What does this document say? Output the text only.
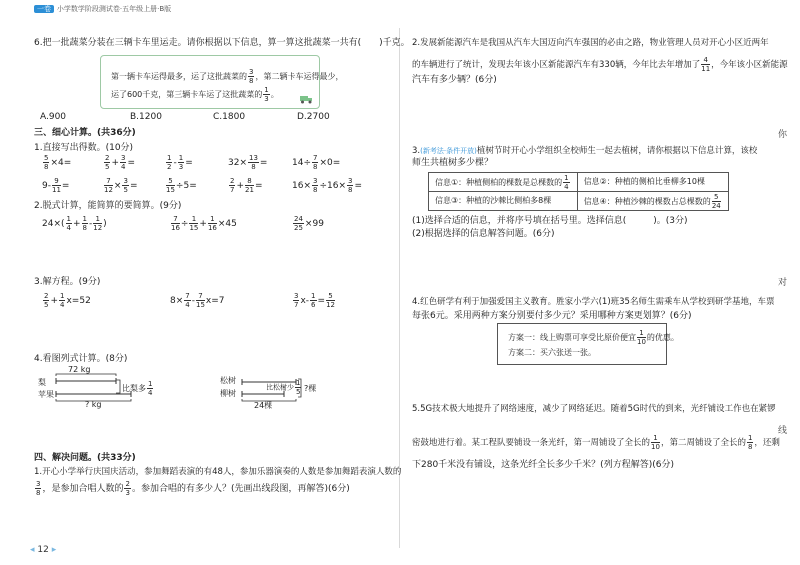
一卷 小学数学阶段测试卷·五年级上册·B版
6.把一批蔬菜分装在三辆卡车里运走。请你根据以下信息，算一算这批蔬菜一共有(　　)千克。
第一辆卡车运得最多，运了这批蔬菜的 $\frac{3}{8}$ ，第二辆卡车运得最少，
运了600千克，第三辆卡车运了这批蔬菜的 $\frac{1}{3}$ 。
A.900	B.1200	C.1800	D.2700
三、细心计算。(共36分)
1.直接写出得数。(10分)
$\frac{5}{8} \times 4=$	$\frac{2}{5} + \frac{3}{4}$ =	$\frac{1}{2} - \frac{1}{3}$ =	$32\times \frac{13}{8}$ =	$14\div \frac{7}{8} \times 0=$
$9- \frac{9}{11}$ =	$\frac{7}{12} \times \frac{3}{5}$ =	$\frac{5}{15} \div 5=$	$\frac{2}{7} + \frac{8}{21}$ =	$16\times \frac{3}{8} \div 16\times \frac{3}{8}$ =
2.脱式计算，能简算的要简算。(9分)
$24\times( \frac{1}{4} + \frac{1}{8} - \frac{1}{12}$ )	$\frac{7}{16} \div \frac{1}{15} + \frac{1}{16} \times 45$	$\frac{24}{25} \times 99$
3.解方程。(9分)
$\frac{2}{5} + \frac{1}{4} x=52$	$8\times \frac{7}{4} - \frac{7}{15} x=7$	$\frac{3}{7} x- \frac{1}{6} = \frac{5}{12}$
4.看图列式计算。(8分)
72 kg
梨
苹果
比梨多 $\frac{1}{4}$
? kg
松树
柳树
比松树少 $\frac{1}{5}$ ?棵
24棵
四、解决问题。(共33分)
1.开心小学举行庆国庆活动，参加舞蹈表演的有48人，参加乐器演奏的人数是参加舞蹈表演人数的
$\frac{3}{8}$ ，是参加合唱人数的 $\frac{2}{3}$ 。参加合唱的有多少人？(先画出线段图，再解答)(6分)
2.发展新能源汽车是我国从汽车大国迈向汽车强国的必由之路，物业管理人员对开心小区近两年
的车辆进行了统计，发现去年该小区新能源汽车有330辆，今年比去年增加了 $\frac{4}{11}$ ，今年该小区新能源
汽车有多少辆？(6分)
3.(新考法·条件开放)植树节时开心小学组织全校师生一起去植树，请你根据以下信息计算，该校
师生共植树多少棵？
信息①：种植侧柏的棵数是总棵数的 $\frac{1}{4}$	信息②：种植的侧柏比垂柳多10棵
信息③：种植的沙棘比侧柏多8棵	信息④：种植沙棘的棵数占总棵数的 $\frac{5}{24}$
(1)选择合适的信息，并将序号填在括号里。选择信息(　　　)。(3分)
(2)根据选择的信息解答问题。(6分)
4.红色研学有利于加强爱国主义教育。胜家小学六(1)班35名师生需乘车从学校到研学基地，车票
每张6元。采用两种方案分别要付多少元？采用哪种方案更划算？(6分)
方案一：线上购票可享受比原价便宜 $\frac{1}{10}$ 的优惠。
方案二：买六张送一张。
5.5G技术极大地提升了网络速度，减少了网络延迟。随着5G时代的到来，光纤铺设工作也在紧锣
密鼓地进行着。某工程队要铺设一条光纤，第一周铺设了全长的 $\frac{1}{10}$ ，第二周铺设了全长的 $\frac{1}{8}$ ，还剩
下280千米没有铺设，这条光纤全长多少千米？(列方程解答)(6分)
你
对
线
◂ 12 ▸
